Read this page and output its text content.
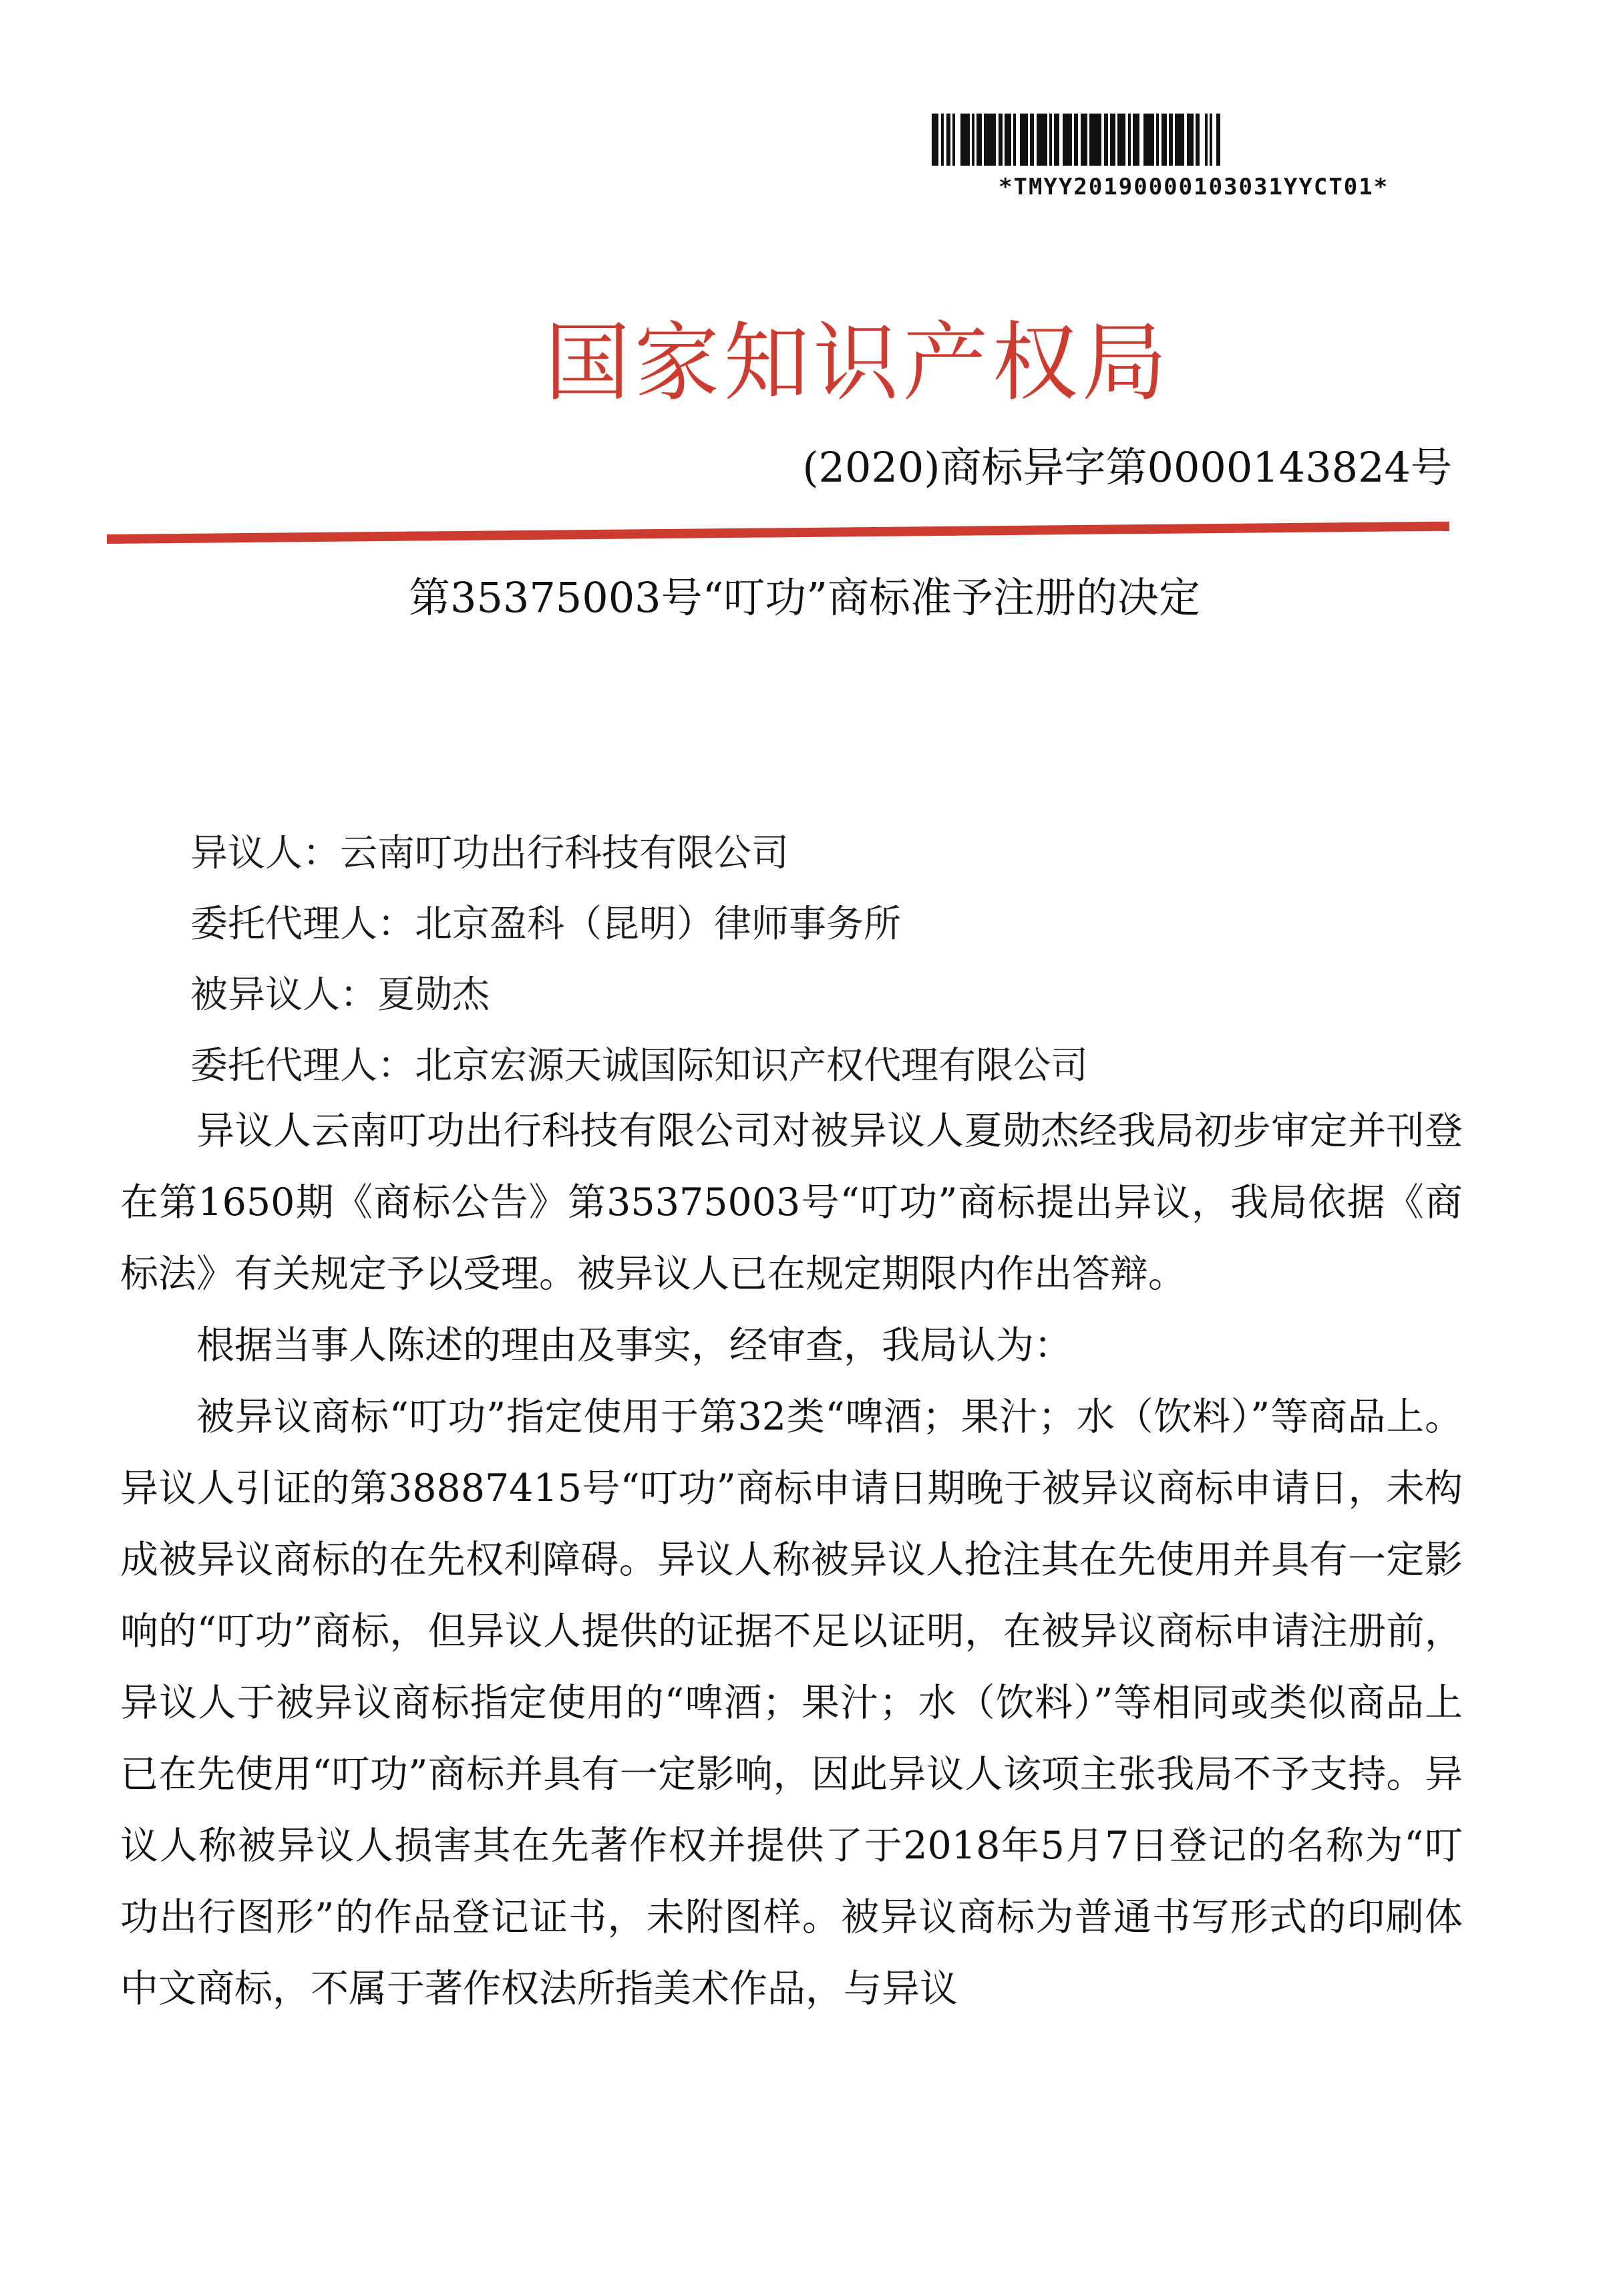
*TMYY20190000103031YYCT01*
国家知识产权局
(2020)商标异字第0000143824号
第35375003号“叮功”商标准予注册的决定
异议人：云南叮功出行科技有限公司
委托代理人：北京盈科（昆明）律师事务所
被异议人：夏勋杰
委托代理人：北京宏源天诚国际知识产权代理有限公司

异议人云南叮功出行科技有限公司对被异议人夏勋杰经我局初步审定并刊登在第1650期《商标公告》第35375003号“叮功”商标提出异议，我局依据《商标法》有关规定予以受理。被异议人已在规定期限内作出答辩。

根据当事人陈述的理由及事实，经审查，我局认为：

被异议商标“叮功”指定使用于第32类“啤酒；果汁；水（饮料）”等商品上。异议人引证的第38887415号“叮功”商标申请日期晚于被异议商标申请日，未构成被异议商标的在先权利障碍。异议人称被异议人抢注其在先使用并具有一定影响的“叮功”商标，但异议人提供的证据不足以证明，在被异议商标申请注册前，异议人于被异议商标指定使用的“啤酒；果汁；水（饮料）”等相同或类似商品上已在先使用“叮功”商标并具有一定影响，因此异议人该项主张我局不予支持。异议人称被异议人损害其在先著作权并提供了于2018年5月7日登记的名称为“叮功出行图形”的作品登记证书，未附图样。被异议商标为普通书写形式的印刷体中文商标，不属于著作权法所指美术作品，与异议
